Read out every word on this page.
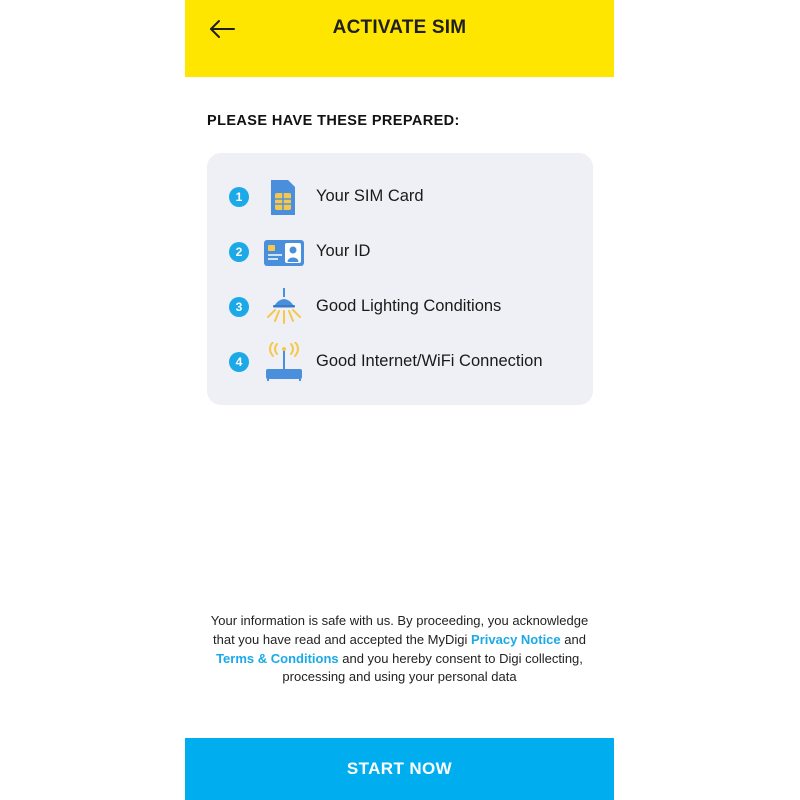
ACTIVATE SIM
PLEASE HAVE THESE PREPARED:
1	Your SIM Card
2	Your ID
3	Good Lighting Conditions
4	Good Internet/WiFi Connection
Your information is safe with us. By proceeding, you acknowledge that you have read and accepted the MyDigi Privacy Notice and Terms & Conditions and you hereby consent to Digi collecting, processing and using your personal data
START NOW
